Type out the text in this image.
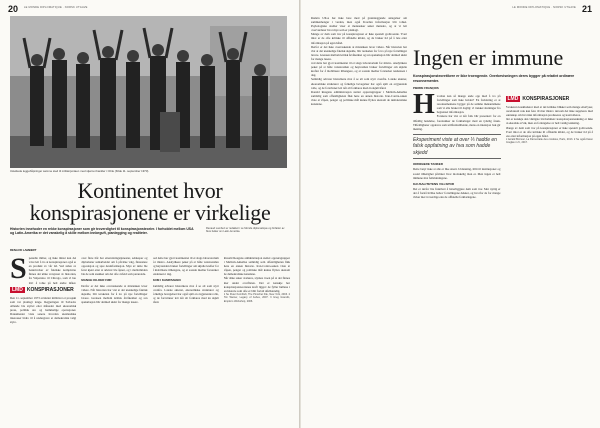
20 LE MONDE DIPLOMATIQUE · NORSK UTGAVE
Ustøttede leggehåpninger samme sted til militærjuntaen med stjernet bankler i Chile (Kilde 11. september 1973).
Kontinentet hvor konspirasjonene er virkelige
Historien innehoder en rekke konspirasjoner som gir troverdighet til konspirasjonsteorier. I forholdet mellom USA og Latin-Amerika er det vanskelig å skille mellom innbeguft, planlegging og realiteter.
RENAUD LAMBERT
Renaud Lambert er redaktør i Le Monde diplomatique og forfatter av flere bøker om Latin-Amerika.
S pesielle milter, og ikke minst kan det være lett å tro at konspirasjoner også er en produkt av vår tid. Ved siden av beskrivelser av faktiske komplotter finnes det ulike versjoner av historien, fra Valparaíso til Chicago, som vi har lært å tolke på helt andre måter.
LMD KONSPIRASJONER

Den 11. september 1973 avsluttet militæret et prosjekt som var planlagt lenge. Regjeringen til Salvador Allende ble styrtet etter måneder med økonomisk press, politisk uro og hemmelige operasjoner. Dokumenter viste senere hvordan utenlandske interesser bidro til å undergrave et demokratisk valgt styre.

over flere tiår har etterretningstjenester, selskaper og diplomater samarbeidet om å påvirke valg, finansiere opposisjon og spre desinformasjon. Mye av dette ble først kjent etter at arkiver ble åpnet, og i mellomtiden ble de som snakket om det ofte avfeid som paranoide.

MANGE KILDER FØR

Derfor er det ikke overraskende at mistanken lever videre. Når historien har vist at det utenkelige faktisk skjedde, blir terskelen for å tro på nye fortellinger lavere. Grensen mellom kritisk årvåkenhet og ren spekulasjon blir dermed uklar for mange lesere.

ved dette har gjort kontinentet til et slags laboratorium for mistro. Analytikere peker på at både venstresiden og høyresiden bruker fortellinger om skjulte krefter for å mobilisere tilhengere, og at sosiale medier forsterker tendensen i dag.

SOM I KAMPANJEN

Samtidig advarer historikere mot å se alt som styrt ovenfra. Lokale aktører, økonomiske strukturer og folkelige bevegelser har også spilt en avgjørende rolle, og de forsvinner lett når alt forklares med én skjult hånd.

Ronald Reagans administrasjon støttet opprørsgrupper i Mellom-Amerika samtidig som offentligheten fikk høre en annen historie. Iran-Contra-saken viste at våpen, penger og politiske mål kunne flyttes utenom de demokratiske kanalene.

Når slike saker avsløres, styrkes troen på at det finnes mer under overflaten. Det er kanskje her konspirasjonsteorienes kraft ligger: de fyller hullene i en historie som ofte er blitt fortalt ufullstendig.

1 Se Peter Kornbluh, The Pinochet File, New York, 2003. 2 Tim Weiner, Legacy of Ashes, 2007. 3 Greg Grandin, Empire's Workshop, 2006.
21
LE MONDE DIPLOMATIQUE · NORSK UTGAVE

Ramón Ulloa har ikke bare med på grunnleggende antagelser om sammenhenger i verden, men også hvordan informasjon blir tolket. Psykologiske studier viser at mennesker søker mønstre, og at vi lett overvurderer hvor mye som er planlagt.

Mange av dem som tror på konspirasjoner er ikke spesielt godtroende. Tvert imot er de ofte kritiske til offisielle kilder, og de bruker tid på å lete etter informasjon på egen hånd.

Derfor er det ikke overraskende at mistanken lever videre. Når historien har vist at det utenkelige faktisk skjedde, blir terskelen for å tro på nye fortellinger lavere. Grensen mellom kritisk årvåkenhet og ren spekulasjon blir dermed uklar for mange lesere.

ved dette har gjort kontinentet til et slags laboratorium for mistro. Analytikere peker på at både venstresiden og høyresiden bruker fortellinger om skjulte krefter for å mobilisere tilhengere, og at sosiale medier forsterker tendensen i dag.

Samtidig advarer historikere mot å se alt som styrt ovenfra. Lokale aktører, økonomiske strukturer og folkelige bevegelser har også spilt en avgjørende rolle, og de forsvinner lett når alt forklares med én skjult hånd.

Ronald Reagans administrasjon støttet opprørsgrupper i Mellom-Amerika samtidig som offentligheten fikk høre en annen historie. Iran-Contra-saken viste at våpen, penger og politiske mål kunne flyttes utenom de demokratiske kanalene.

Ingen er immune
Konspirasjonsteoretikere er ikke troengende. Overbevisningen deres bygger på relativt ordinære resonnementer.
PIERRE FRANÇOIS
H vordan kan så mange ende opp med å tro på fortellinger som ikke holder? En forklaring er at resonnementene bygger på de samme mekanismene som vi alle bruker til daglig: vi trekker slutninger fra begrenset informasjon.

Forskere har vist at når folk blir presentert for en tilfeldig hendelse, foretrekker de forklaringer med en tydelig årsak. Tilfeldigheter oppleves som utilfredsstillende, mens en intensjon bak gir mening.

Eksperiment viste at over ⅓ hadde en falsk oppfatning av hva som hadde skjedd
ORDINÆRE TANKER

Dette betyr ikke at alle er like utsatt. Utdanning, tillit til institusjoner og sosial tilhørighet påvirker hvor mottakelig man er. Men ingen er helt immune mot feilslutningene.

KAUSALITETENS VILLSPOR

Det er derfor lite fruktbart å latterliggjøre dem som tror. Mer nyttig er det å forstå hvilke behov fortellingene dekker, og hvorfor de for mange virker mer troverdige enn de offisielle forklaringene.

LMD KONSPIRASJONER

Forskeren konkluderer med at det kritiske blikket som mange etterlyser, paradoksalt nok kan føre til mer mistro dersom det ikke suppleres med kunnskap om hvordan informasjon produseres og kontrolleres.

Det er kanskje den viktigste lærdommen: konspirasjonstenkning er ikke en eksotisk avvik, men en forlengelse av helt vanlig tenkning.

Mange av dem som tror på konspirasjoner er ikke spesielt godtroende. Tvert imot er de ofte kritiske til offisielle kilder, og de bruker tid på å lete etter informasjon på egen hånd.

1 Gérald Bronner, La Démocratie des crédules, Paris, 2013. 2 Se også Karen Douglas m.fl., 2017.
